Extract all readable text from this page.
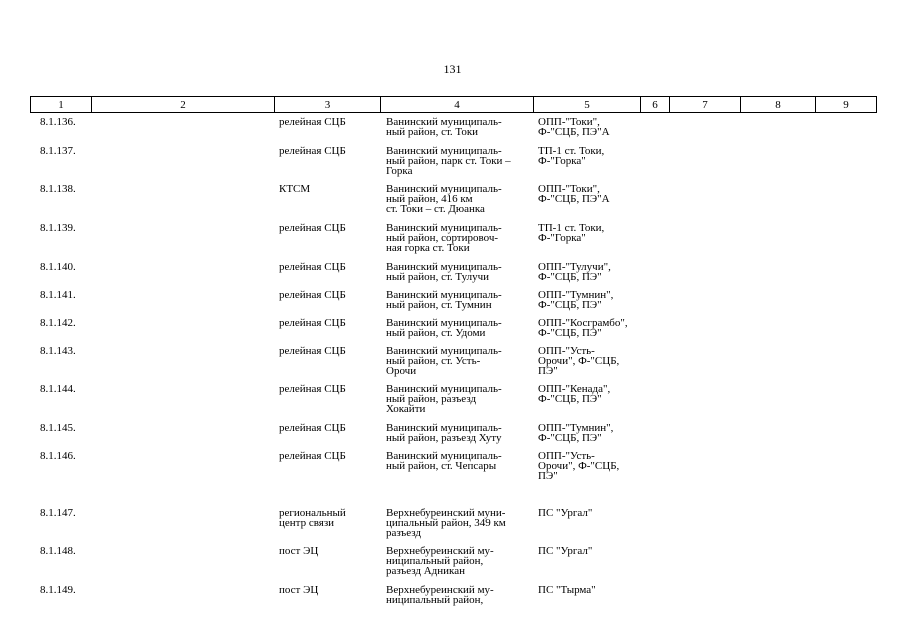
131
1	2	3	4	5	6	7	8	9
8.1.136.		релейная СЦБ	Ванинский муниципаль-
ный район, ст. Токи	ОПП-"Токи",
Ф-"СЦБ, ПЭ"А				
8.1.137.		релейная СЦБ	Ванинский муниципаль-
ный район, парк ст. Токи –
Горка	ТП-1 ст. Токи,
Ф-"Горка"				
8.1.138.		КТСМ	Ванинский муниципаль-
ный район, 416 км
ст. Токи – ст. Дюанка	ОПП-"Токи",
Ф-"СЦБ, ПЭ"А				
8.1.139.		релейная СЦБ	Ванинский муниципаль-
ный район, сортировоч-
ная горка ст. Токи	ТП-1 ст. Токи,
Ф-"Горка"				
8.1.140.		релейная СЦБ	Ванинский муниципаль-
ный район, ст. Тулучи	ОПП-"Тулучи",
Ф-"СЦБ, ПЭ"				
8.1.141.		релейная СЦБ	Ванинский муниципаль-
ный район, ст. Тумнин	ОПП-"Тумнин",
Ф-"СЦБ, ПЭ"				
8.1.142.		релейная СЦБ	Ванинский муниципаль-
ный район, ст. Удоми	ОПП-"Косграмбо",
Ф-"СЦБ, ПЭ"				
8.1.143.		релейная СЦБ	Ванинский муниципаль-
ный район, ст. Усть-
Орочи	ОПП-"Усть-
Орочи", Ф-"СЦБ,
ПЭ"				
8.1.144.		релейная СЦБ	Ванинский муниципаль-
ный район, разъезд
Хокайти	ОПП-"Кенада",
Ф-"СЦБ, ПЭ"				
8.1.145.		релейная СЦБ	Ванинский муниципаль-
ный район, разъезд Хуту	ОПП-"Тумнин",
Ф-"СЦБ, ПЭ"				
8.1.146.		релейная СЦБ	Ванинский муниципаль-
ный район, ст. Чепсары	ОПП-"Усть-
Орочи", Ф-"СЦБ,
ПЭ"				
8.1.147.		региональный
центр связи	Верхнебуреинский муни-
ципальный район, 349 км
разъезд	ПС "Ургал"				
8.1.148.		пост ЭЦ	Верхнебуреинский му-
ниципальный район,
разъезд Адникан	ПС "Ургал"				
8.1.149.		пост ЭЦ	Верхнебуреинский му-
ниципальный район,	ПС "Тырма"				
